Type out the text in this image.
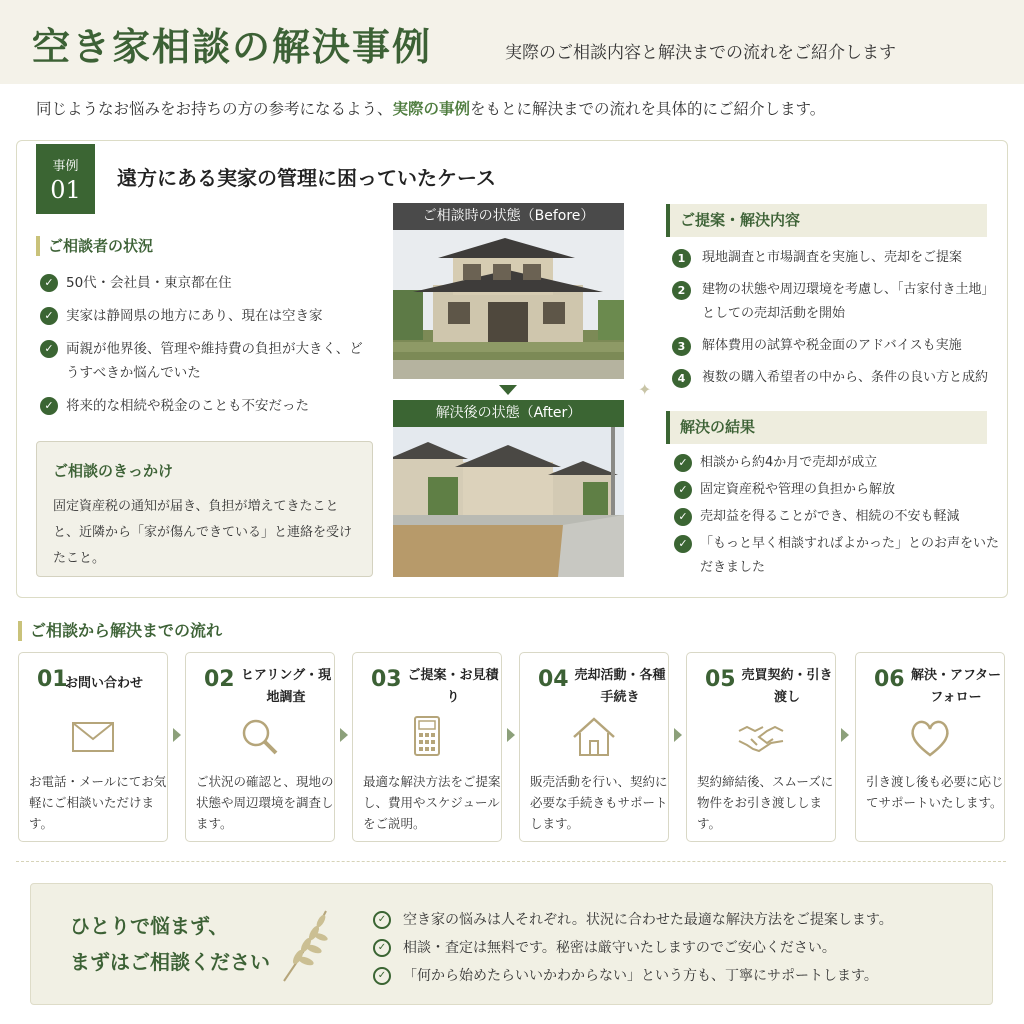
空き家相談の解決事例	実際のご相談内容と解決までの流れをご紹介します

同じようなお悩みをお持ちの方の参考になるよう、実際の事例をもとに解決までの流れを具体的にご紹介します。

事例
01	遠方にある実家の管理に困っていたケース
ご相談者の状況
✓ 50代・会社員・東京都在住
✓ 実家は静岡県の地方にあり、現在は空き家
✓ 両親が他界後、管理や維持費の負担が大きく、どうすべきか悩んでいた
✓ 将来的な相続や税金のことも不安だった
ご相談のきっかけ

固定資産税の通知が届き、負担が増えてきたことと、近隣から「家が傷んできている」と連絡を受けたこと。

ご相談時の状態（Before）
解決後の状態（After）
✦
ご提案・解決内容
1	現地調査と市場調査を実施し、売却をご提案
2	建物の状態や周辺環境を考慮し、「古家付き土地」としての売却活動を開始
3	解体費用の試算や税金面のアドバイスも実施
4	複数の購入希望者の中から、条件の良い方と成約
解決の結果
✓ 相談から約4か月で売却が成立
✓ 固定資産税や管理の負担から解放
✓ 売却益を得ることができ、相続の不安も軽減
✓ 「もっと早く相談すればよかった」とのお声をいただきました
ご相談から解決までの流れ
01
お問い合わせ

お電話・メールにてお気軽にご相談いただけます。

02 ヒアリング・現地調査

ご状況の確認と、現地の状態や周辺環境を調査します。

03 ご提案・お見積り

最適な解決方法をご提案し、費用やスケジュールをご説明。

04 売却活動・各種手続き

販売活動を行い、契約に必要な手続きもサポートします。

05 売買契約・引き渡し

契約締結後、スムーズに物件をお引き渡しします。

06 解決・アフターフォロー

引き渡し後も必要に応じてサポートいたします。

ひとりで悩まず、
まずはご相談ください
✓	空き家の悩みは人それぞれ。状況に合わせた最適な解決方法をご提案します。
✓	相談・査定は無料です。秘密は厳守いたしますのでご安心ください。
✓	「何から始めたらいいかわからない」という方も、丁寧にサポートします。
